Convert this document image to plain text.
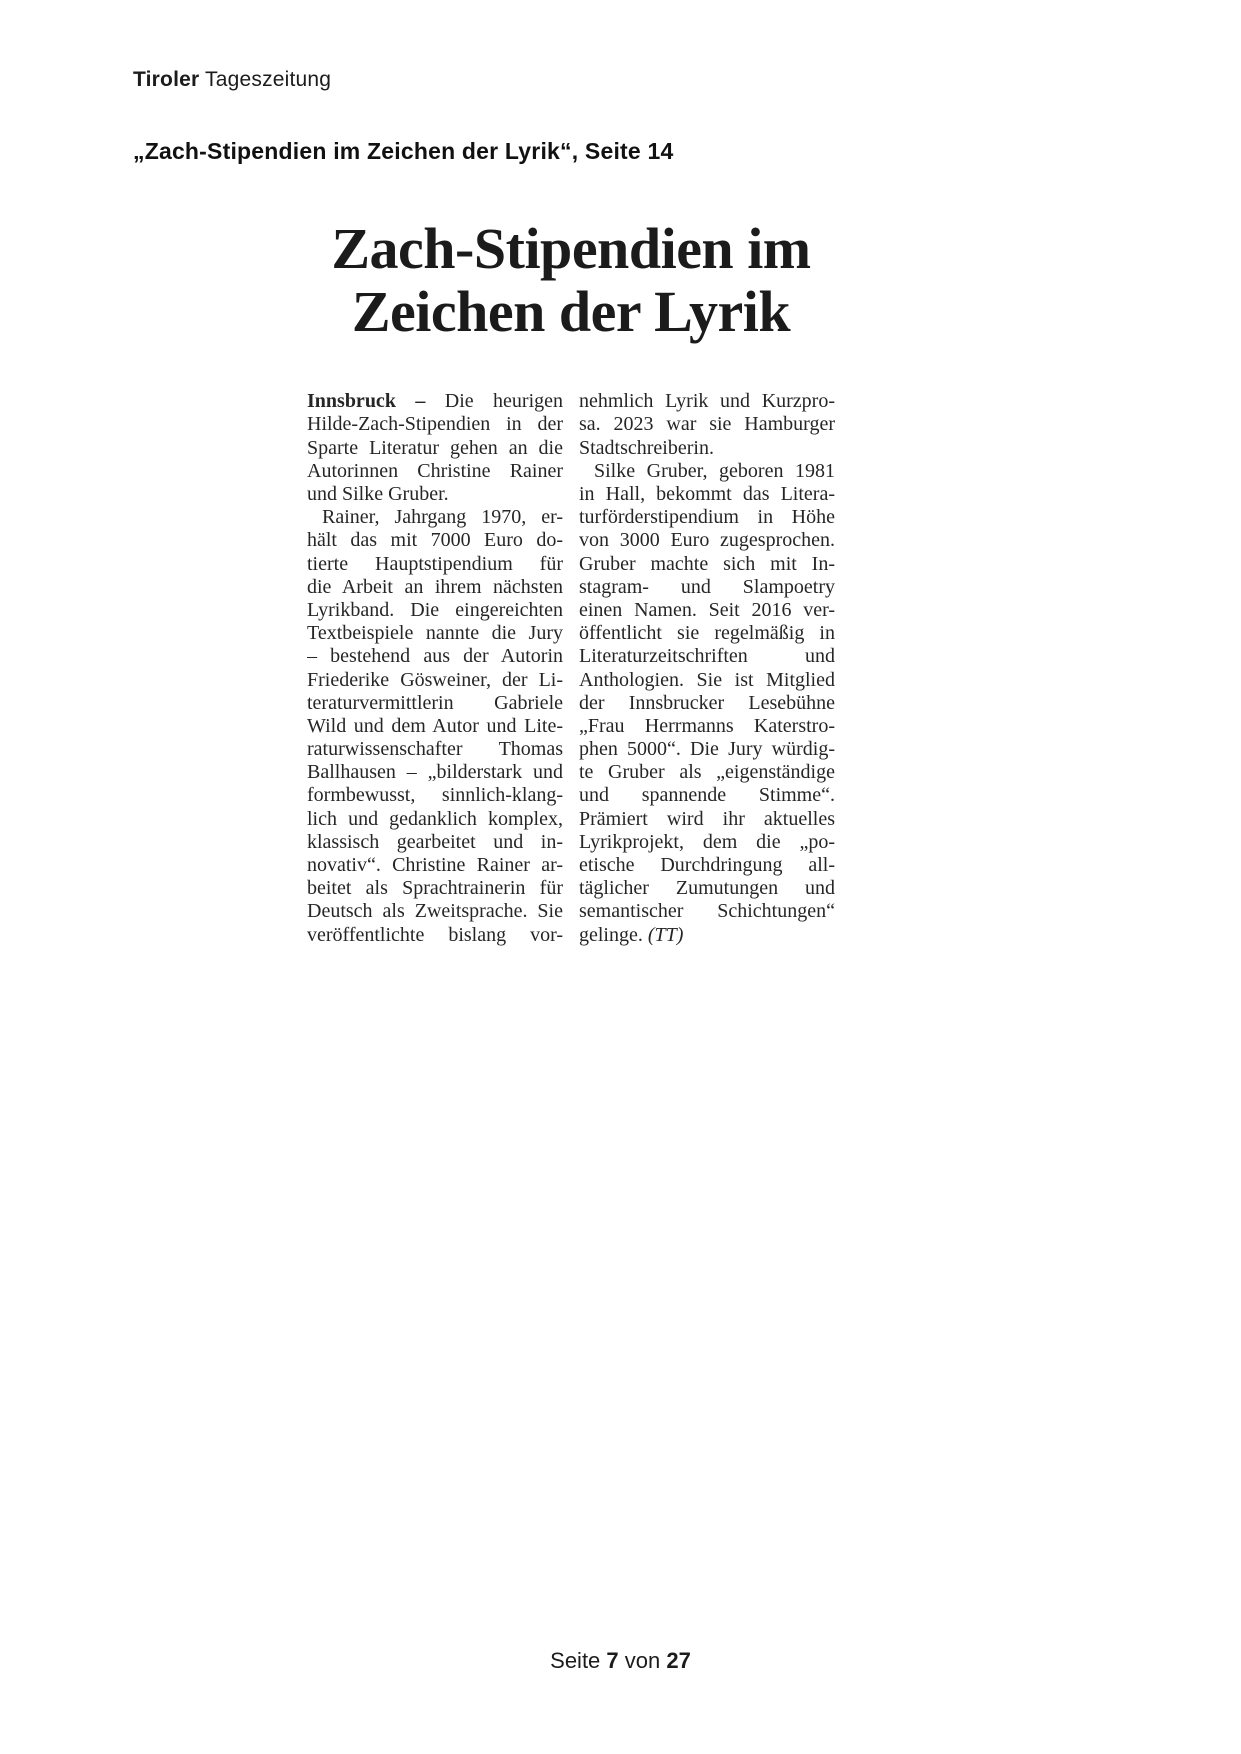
Tiroler Tageszeitung
„Zach-Stipendien im Zeichen der Lyrik“, Seite 14
Zach-Stipendien im
Zeichen der Lyrik
Innsbruck – Die heurigen
Hilde-Zach-Stipendien in der
Sparte Literatur gehen an die
Autorinnen Christine Rainer
und Silke Gruber.
Rainer, Jahrgang 1970, er-
hält das mit 7000 Euro do-
tierte Hauptstipendium für
die Arbeit an ihrem nächsten
Lyrikband. Die eingereichten
Textbeispiele nannte die Jury
– bestehend aus der Autorin
Friederike Gösweiner, der Li-
teraturvermittlerin Gabriele
Wild und dem Autor und Lite-
raturwissenschafter Thomas
Ballhausen – „bilderstark und
formbewusst, sinnlich-klang-
lich und gedanklich komplex,
klassisch gearbeitet und in-
novativ“. Christine Rainer ar-
beitet als Sprachtrainerin für
Deutsch als Zweitsprache. Sie
veröffentlichte bislang vor-
nehmlich Lyrik und Kurzpro-
sa. 2023 war sie Hamburger
Stadtschreiberin.
Silke Gruber, geboren 1981
in Hall, bekommt das Litera-
turförderstipendium in Höhe
von 3000 Euro zugesprochen.
Gruber machte sich mit In-
stagram- und Slampoetry
einen Namen. Seit 2016 ver-
öffentlicht sie regelmäßig in
Literaturzeitschriften und
Anthologien. Sie ist Mitglied
der Innsbrucker Lesebühne
„Frau Herrmanns Katerstro-
phen 5000“. Die Jury würdig-
te Gruber als „eigenständige
und spannende Stimme“.
Prämiert wird ihr aktuelles
Lyrikprojekt, dem die „po-
etische Durchdringung all-
täglicher Zumutungen und
semantischer Schichtungen“
gelinge. (TT)
Seite 7 von 27
